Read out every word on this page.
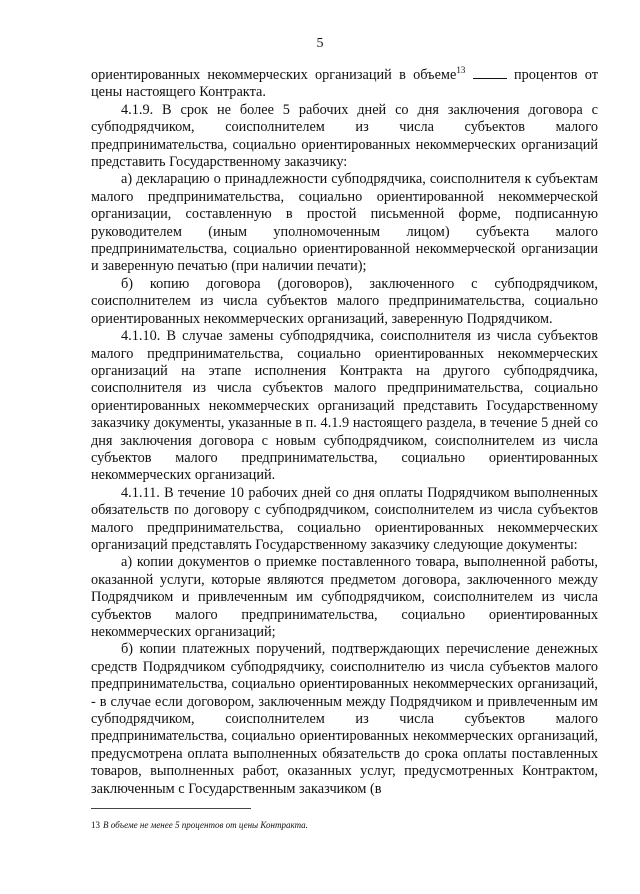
5

ориентированных некоммерческих организаций в объеме$^{13}$	процентов от цены настоящего Контракта.

4.1.9. В срок не более 5 рабочих дней со дня заключения договора с субподрядчиком, соисполнителем из числа субъектов малого предпринимательства, социально ориентированных некоммерческих организаций представить Государственному заказчику:

а) декларацию о принадлежности субподрядчика, соисполнителя к субъектам малого предпринимательства, социально ориентированной некоммерческой организации, составленную в простой письменной форме, подписанную руководителем (иным уполномоченным лицом) субъекта малого предпринимательства, социально ориентированной некоммерческой организации и заверенную печатью (при наличии печати);

б) копию договора (договоров), заключенного с субподрядчиком, соисполнителем из числа субъектов малого предпринимательства, социально ориентированных некоммерческих организаций, заверенную Подрядчиком.

4.1.10. В случае замены субподрядчика, соисполнителя из числа субъектов малого предпринимательства, социально ориентированных некоммерческих организаций на этапе исполнения Контракта на другого субподрядчика, соисполнителя из числа субъектов малого предпринимательства, социально ориентированных некоммерческих организаций представить Государственному заказчику документы, указанные в п. 4.1.9 настоящего раздела, в течение 5 дней со дня заключения договора с новым субподрядчиком, соисполнителем из числа субъектов малого предпринимательства, социально ориентированных некоммерческих организаций.

4.1.11. В течение 10 рабочих дней со дня оплаты Подрядчиком выполненных обязательств по договору с субподрядчиком, соисполнителем из числа субъектов малого предпринимательства, социально ориентированных некоммерческих организаций представлять Государственному заказчику следующие документы:

а) копии документов о приемке поставленного товара, выполненной работы, оказанной услуги, которые являются предметом договора, заключенного между Подрядчиком и привлеченным им субподрядчиком, соисполнителем из числа субъектов малого предпринимательства, социально ориентированных некоммерческих организаций;

б) копии платежных поручений, подтверждающих перечисление денежных средств Подрядчиком субподрядчику, соисполнителю из числа субъектов малого предпринимательства, социально ориентированных некоммерческих организаций, - в случае если договором, заключенным между Подрядчиком и привлеченным им субподрядчиком, соисполнителем из числа субъектов малого предпринимательства, социально ориентированных некоммерческих организаций, предусмотрена оплата выполненных обязательств до срока оплаты поставленных товаров, выполненных работ, оказанных услуг, предусмотренных Контрактом, заключенным с Государственным заказчиком (в

13 В объеме не менее 5 процентов от цены Контракта.
